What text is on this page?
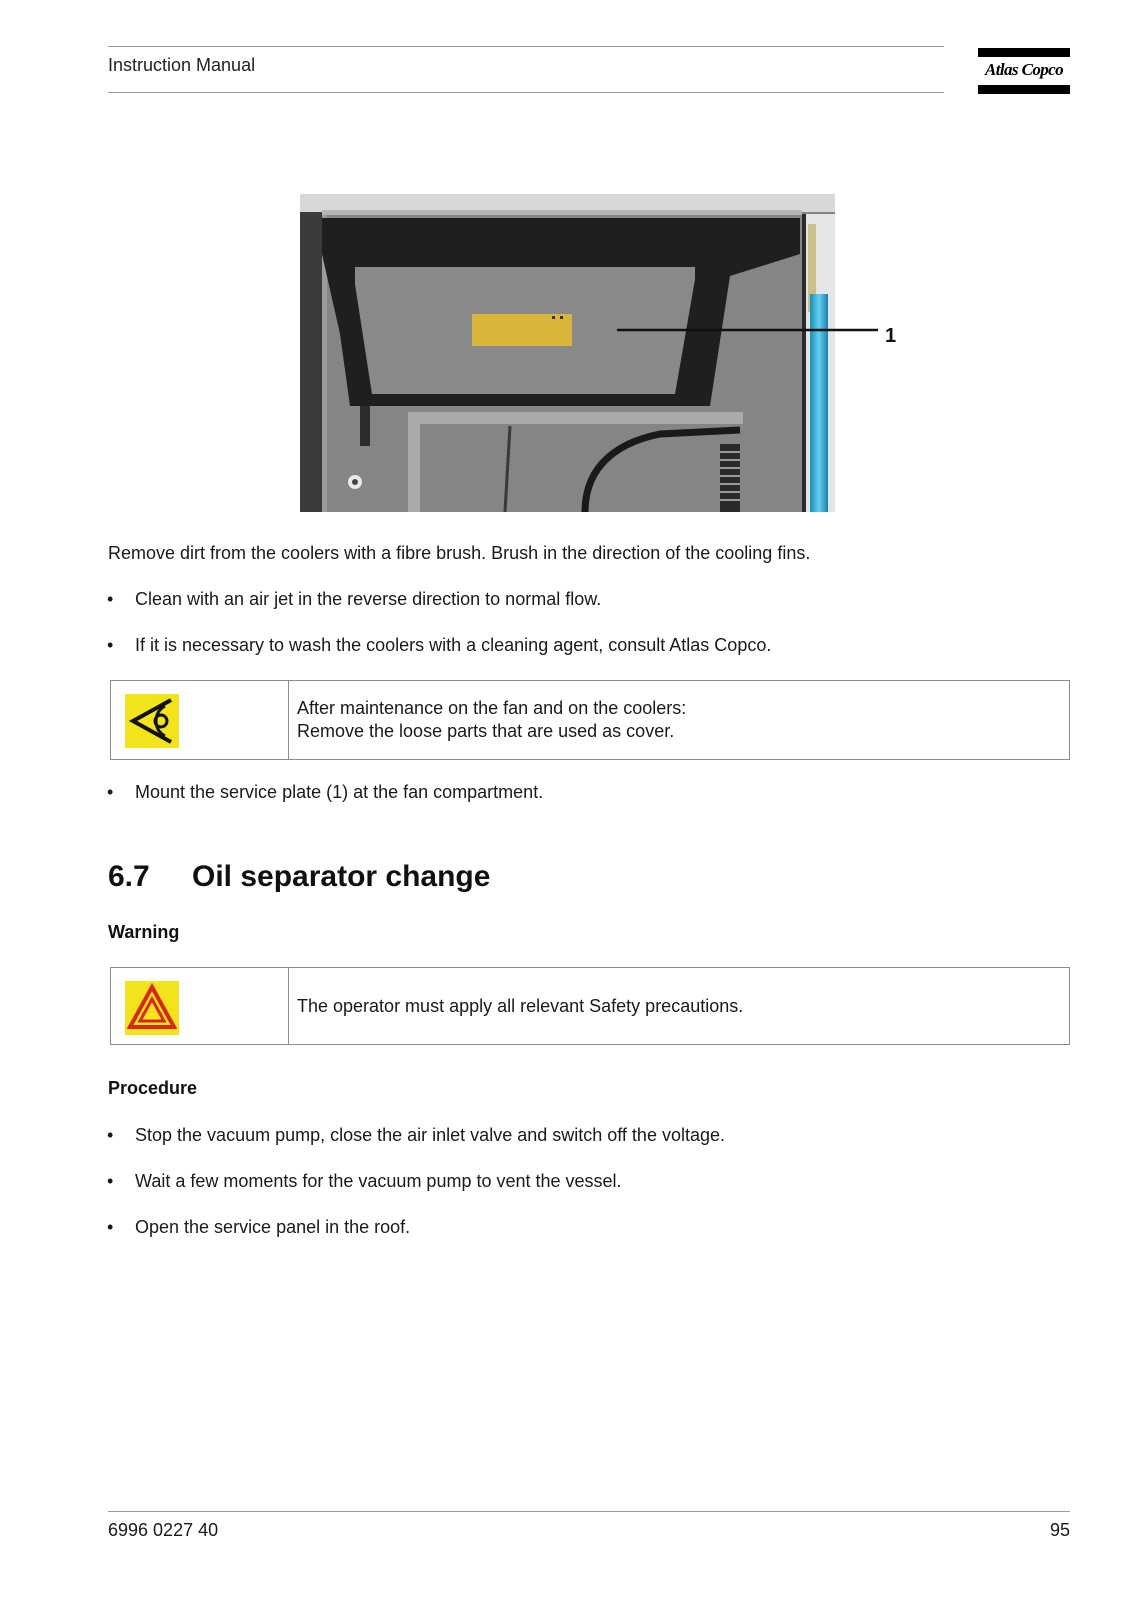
Instruction Manual	Atlas Copco
1
Remove dirt from the coolers with a fibre brush. Brush in the direction of the cooling fins.
• Clean with an air jet in the reverse direction to normal flow.
• If it is necessary to wash the coolers with a cleaning agent, consult Atlas Copco.
After maintenance on the fan and on the coolers:
Remove the loose parts that are used as cover.
• Mount the service plate (1) at the fan compartment.
6.7 Oil separator change
Warning
The operator must apply all relevant Safety precautions.
Procedure
• Stop the vacuum pump, close the air inlet valve and switch off the voltage.
• Wait a few moments for the vacuum pump to vent the vessel.
• Open the service panel in the roof.
6996 0227 40	95
